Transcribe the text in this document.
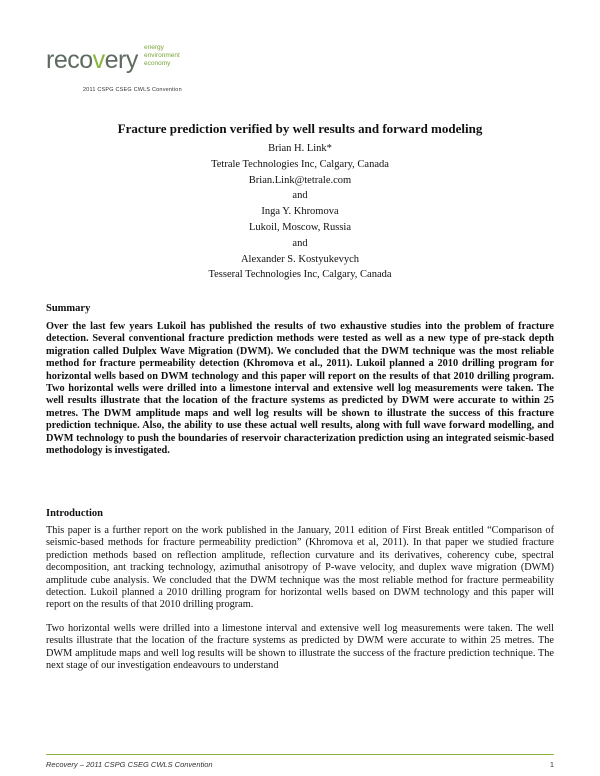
recovery energy
environment
economy
2011 CSPG CSEG CWLS Convention
Fracture prediction verified by well results and forward modeling
Brian H. Link*
Tetrale Technologies Inc, Calgary, Canada
Brian.Link@tetrale.com
and
Inga Y. Khromova
Lukoil, Moscow, Russia
and
Alexander S. Kostyukevych
Tesseral Technologies Inc, Calgary, Canada
Summary

Over the last few years Lukoil has published the results of two exhaustive studies into the problem of fracture detection. Several conventional fracture prediction methods were tested as well as a new type of pre-stack depth migration called Dulplex Wave Migration (DWM). We concluded that the DWM technique was the most reliable method for fracture permeability detection (Khromova et al., 2011). Lukoil planned a 2010 drilling program for horizontal wells based on DWM technology and this paper will report on the results of that 2010 drilling program. Two horizontal wells were drilled into a limestone interval and extensive well log measurements were taken. The well results illustrate that the location of the fracture systems as predicted by DWM were accurate to within 25 metres. The DWM amplitude maps and well log results will be shown to illustrate the success of this fracture prediction technique. Also, the ability to use these actual well results, along with full wave forward modelling, and DWM technology to push the boundaries of reservoir characterization prediction using an integrated seismic-based methodology is investigated.

Introduction

This paper is a further report on the work published in the January, 2011 edition of First Break entitled “Comparison of seismic-based methods for fracture permeability prediction” (Khromova et al, 2011). In that paper we studied fracture prediction methods based on reflection amplitude, reflection curvature and its derivatives, coherency cube, spectral decomposition, ant tracking technology, azimuthal anisotropy of P-wave velocity, and duplex wave migration (DWM) amplitude cube analysis. We concluded that the DWM technique was the most reliable method for fracture permeability detection. Lukoil planned a 2010 drilling program for horizontal wells based on DWM technology and this paper will report on the results of that 2010 drilling program.

Two horizontal wells were drilled into a limestone interval and extensive well log measurements were taken. The well results illustrate that the location of the fracture systems as predicted by DWM were accurate to within 25 metres. The DWM amplitude maps and well log results will be shown to illustrate the success of the fracture prediction technique. The next stage of our investigation endeavours to understand

Recovery – 2011 CSPG CSEG CWLS Convention	1
